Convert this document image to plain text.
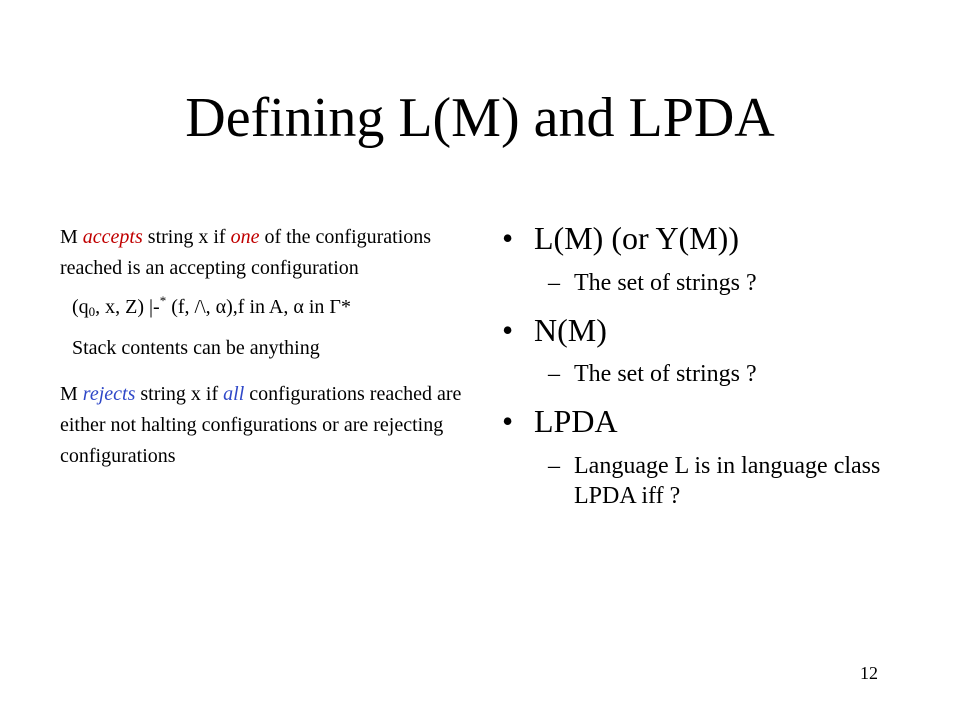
Defining L(M) and LPDA

M accepts string x if one of the configurations reached is an accepting configuration

($q_0$, x, Z) |-* (f, /\, α),f in A, α in Γ*

Stack contents can be anything

M rejects string x if all configurations reached are either not halting configurations or are rejecting configurations

• L(M) (or Y(M))
– The set of strings ?
• N(M)
– The set of strings ?
• LPDA
– Language L is in language class LPDA iff ?
12
